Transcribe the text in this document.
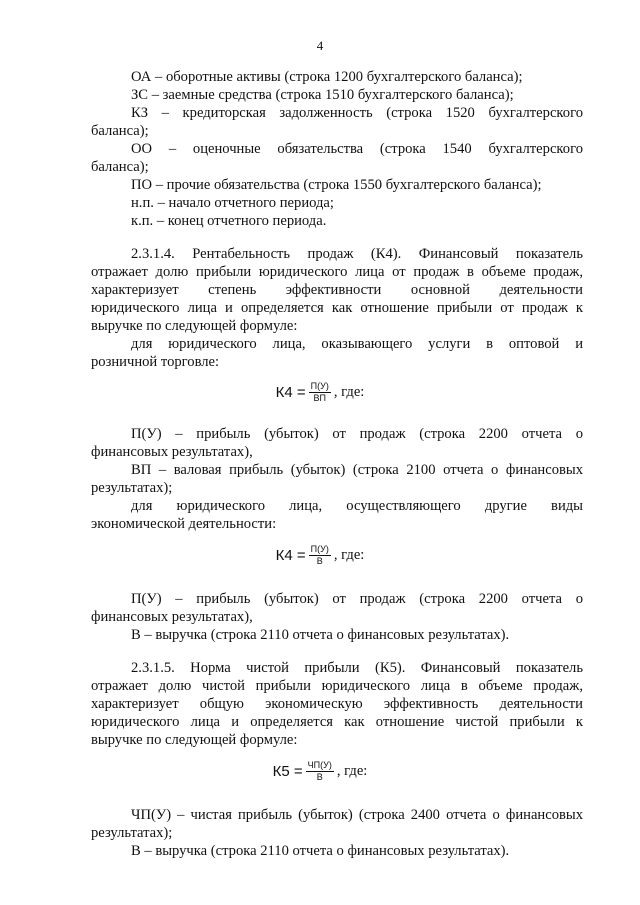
4
ОА – оборотные активы (строка 1200 бухгалтерского баланса);
ЗС – заемные средства (строка 1510 бухгалтерского баланса);
КЗ – кредиторская задолженность (строка 1520 бухгалтерского
баланса);
ОО – оценочные обязательства (строка 1540 бухгалтерского
баланса);
ПО – прочие обязательства (строка 1550 бухгалтерского баланса);
н.п. – начало отчетного периода;
к.п. – конец отчетного периода.
2.3.1.4. Рентабельность продаж (К4). Финансовый показатель
отражает долю прибыли юридического лица от продаж в объеме продаж,
характеризует степень эффективности основной деятельности
юридического лица и определяется как отношение прибыли от продаж к
выручке по следующей формуле:
для юридического лица, оказывающего услуги в оптовой и
розничной торговле:
$К4 = \frac{П(У)}{ВП}$ , где:
П(У) – прибыль (убыток) от продаж (строка 2200 отчета о
финансовых результатах),
ВП – валовая прибыль (убыток) (строка 2100 отчета о финансовых
результатах);
для юридического лица, осуществляющего другие виды
экономической деятельности:
$К4 = \frac{П(У)}{В}$ , где:
П(У) – прибыль (убыток) от продаж (строка 2200 отчета о
финансовых результатах),
В – выручка (строка 2110 отчета о финансовых результатах).
2.3.1.5. Норма чистой прибыли (К5). Финансовый показатель
отражает долю чистой прибыли юридического лица в объеме продаж,
характеризует общую экономическую эффективность деятельности
юридического лица и определяется как отношение чистой прибыли к
выручке по следующей формуле:
$К5 = \frac{ЧП(У)}{В}$ , где:
ЧП(У) – чистая прибыль (убыток) (строка 2400 отчета о финансовых
результатах);
В – выручка (строка 2110 отчета о финансовых результатах).
